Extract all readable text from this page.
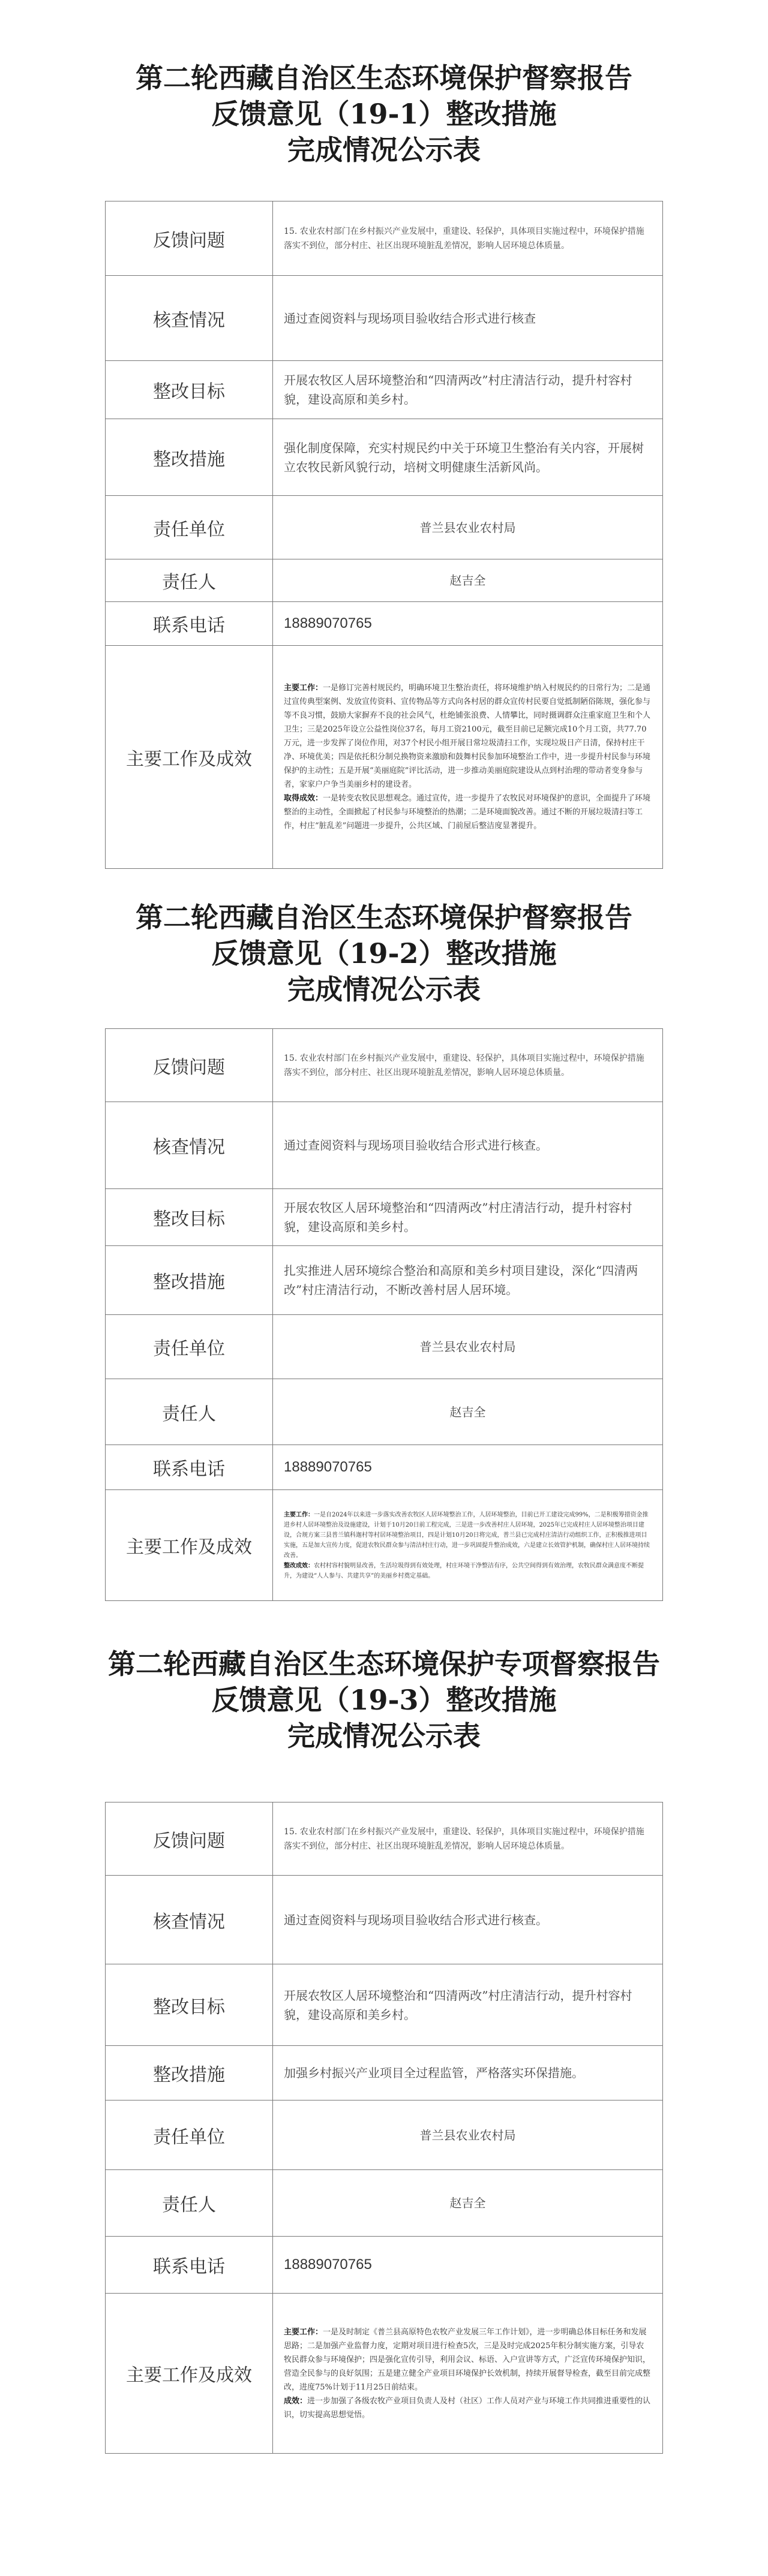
第二轮西藏自治区生态环境保护督察报告

反馈意见（19-1）整改措施

完成情况公示表

反馈问题	15. 农业农村部门在乡村振兴产业发展中，重建设、轻保护，具体项目实施过程中，环境保护措施落实不到位，部分村庄、社区出现环境脏乱差情况，影响人居环境总体质量。
核查情况	通过查阅资料与现场项目验收结合形式进行核查
整改目标	开展农牧区人居环境整治和“四清两改”村庄清洁行动，提升村容村貌，建设高原和美乡村。
整改措施	强化制度保障，充实村规民约中关于环境卫生整治有关内容，开展树立农牧民新风貌行动，培树文明健康生活新风尚。
责任单位	普兰县农业农村局
责任人	赵吉全
联系电话	18889070765
主要工作及成效	主要工作：一是修订完善村规民约，明确环境卫生整治责任，将环境维护纳入村规民约的日常行为；二是通过宣传典型案例、发放宣传资料、宣传物品等方式向各村居的群众宣传村民要自觉抵制陋俗陈规，强化参与等不良习惯，鼓励大家摒弃不良的社会风气，杜绝铺张浪费、人情攀比，同时摄调群众注重家庭卫生和个人卫生；三是2025年设立公益性岗位37名，每月工资2100元，截至目前已足额完成10个月工资，共77.70万元，进一步发挥了岗位作用，对37个村民小组开展日常垃圾清扫工作，实现垃圾日产日清，保持村庄干净、环境优美；四是依托积分制兑换物资来激励和鼓舞村民参加环境整治工作中，进一步提升村民参与环境保护的主动性；五是开展“美丽庭院”评比活动，进一步推动美丽庭院建设从点到村治理的带动者变身参与者，家家户户争当美丽乡村的建设者。
取得成效：一是转变农牧民思想观念。通过宣传，进一步提升了农牧民对环境保护的意识，全面提升了环境整治的主动性，全面掀起了村民参与环境整治的热潮；二是环境面貌改善。通过不断的开展垃圾清扫等工作，村庄“脏乱差”问题进一步提升，公共区域、门前屋后整洁度显著提升。

第二轮西藏自治区生态环境保护督察报告

反馈意见（19-2）整改措施

完成情况公示表

反馈问题	15. 农业农村部门在乡村振兴产业发展中，重建设、轻保护，具体项目实施过程中，环境保护措施落实不到位，部分村庄、社区出现环境脏乱差情况，影响人居环境总体质量。
核查情况	通过查阅资料与现场项目验收结合形式进行核查。
整改目标	开展农牧区人居环境整治和“四清两改”村庄清洁行动，提升村容村貌，建设高原和美乡村。
整改措施	扎实推进人居环境综合整治和高原和美乡村项目建设，深化“四清两改”村庄清洁行动，不断改善村居人居环境。
责任单位	普兰县农业农村局
责任人	赵吉全
联系电话	18889070765
主要工作及成效	主要工作：一是自2024年以来进一步落实改善农牧区人居环境整治工作，人居环境整治，目前已开工建设完成99%，二是积极筹措资金推进乡村人居环境整治及设施建设，计划于10月20日前工程完成，三是进一步改善村庄人居环境，2025年已完成村庄人居环境整治项目建设，合规方案三县普兰镇科迦村等村居环境整治项目，四是计划10月20日将完成，普兰县已完成村庄清洁行动组织工作，正积极推进项目实施，五是加大宣传力度，促进农牧民群众参与清洁村庄行动，进一步巩固提升整治成效，六是建立长效管护机制，确保村庄人居环境持续改善。
整改成效：农村村容村貌明显改善，生活垃圾得到有效处理，村庄环境干净整洁有序，公共空间得到有效治理，农牧民群众满意度不断提升，为建设“人人参与、共建共享”的美丽乡村奠定基础。

第二轮西藏自治区生态环境保护专项督察报告

反馈意见（19-3）整改措施

完成情况公示表

反馈问题	15. 农业农村部门在乡村振兴产业发展中，重建设、轻保护，具体项目实施过程中，环境保护措施落实不到位，部分村庄、社区出现环境脏乱差情况，影响人居环境总体质量。
核查情况	通过查阅资料与现场项目验收结合形式进行核查。
整改目标	开展农牧区人居环境整治和“四清两改”村庄清洁行动，提升村容村貌，建设高原和美乡村。
整改措施	加强乡村振兴产业项目全过程监管，严格落实环保措施。
责任单位	普兰县农业农村局
责任人	赵吉全
联系电话	18889070765
主要工作及成效	主要工作：一是及时制定《普兰县高原特色农牧产业发展三年工作计划》，进一步明确总体目标任务和发展思路；二是加强产业监督力度，定期对项目进行检查5次，三是及时完成2025年积分制实施方案，引导农牧民群众参与环境保护；四是强化宣传引导，利用会议、标语、入户宣讲等方式，广泛宣传环境保护知识，营造全民参与的良好氛围；五是建立健全产业项目环境保护长效机制，持续开展督导检查，截至目前完成整改，进度75%计划于11月25日前结束。
成效：进一步加强了各级农牧产业项目负责人及村（社区）工作人员对产业与环境工作共同推进重要性的认识，切实提高思想觉悟。
